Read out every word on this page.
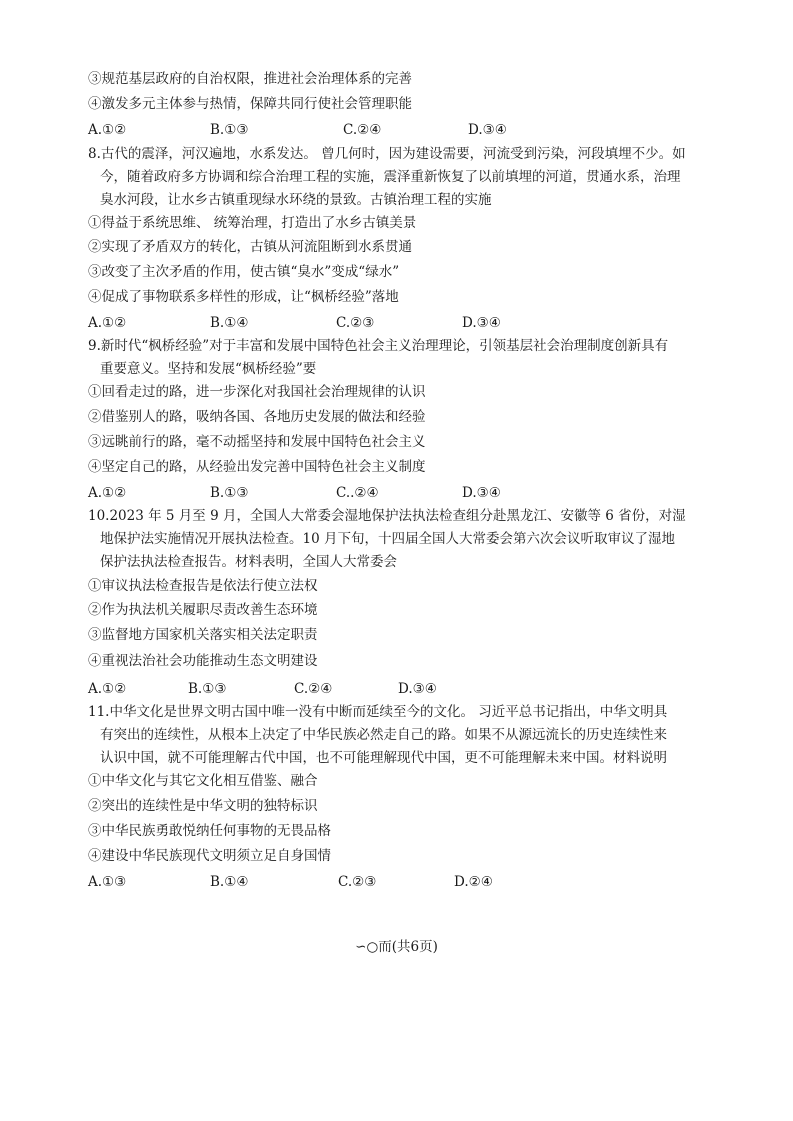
③规范基层政府的自治权限，推进社会治理体系的完善
④激发多元主体参与热情，保障共同行使社会管理职能
A.①②	B.①③	C.②④	D.③④
8.古代的震泽，河汉遍地，水系发达。 曾几何时，因为建设需要，河流受到污染，河段填埋不少。如
今，随着政府多方协调和综合治理工程的实施，震泽重新恢复了以前填埋的河道，贯通水系，治理
臭水河段，让水乡古镇重现绿水环绕的景致。古镇治理工程的实施
①得益于系统思维、 统筹治理，打造出了水乡古镇美景
②实现了矛盾双方的转化，古镇从河流阻断到水系贯通
③改变了主次矛盾的作用，使古镇“臭水”变成“绿水”
④促成了事物联系多样性的形成，让“枫桥经验”落地
A.①②	B.①④	C.②③	D.③④
9.新时代“枫桥经验”对于丰富和发展中国特色社会主义治理理论，引领基层社会治理制度创新具有
重要意义。坚持和发展“枫桥经验”要
①回看走过的路，进一步深化对我国社会治理规律的认识
②借鉴别人的路，吸纳各国、各地历史发展的做法和经验
③远眺前行的路，毫不动摇坚持和发展中国特色社会主义
④坚定自己的路，从经验出发完善中国特色社会主义制度
A.①②	B.①③	C..②④	D.③④
10.2023 年 5 月至 9 月，全国人大常委会湿地保护法执法检查组分赴黑龙江、安徽等 6 省份，对湿
地保护法实施情况开展执法检查。10 月下旬，十四届全国人大常委会第六次会议听取审议了湿地
保护法执法检查报告。材料表明，全国人大常委会
①审议执法检查报告是依法行使立法权
②作为执法机关履职尽责改善生态环境
③监督地方国家机关落实相关法定职责
④重视法治社会功能推动生态文明建设
A.①②	B.①③	C.②④	D.③④
11.中华文化是世界文明古国中唯一没有中断而延续至今的文化。 习近平总书记指出，中华文明具
有突出的连续性，从根本上决定了中华民族必然走自己的路。如果不从源远流长的历史连续性来
认识中国，就不可能理解古代中国，也不可能理解现代中国，更不可能理解未来中国。材料说明
①中华文化与其它文化相互借鉴、融合
②突出的连续性是中华文明的独特标识
③中华民族勇敢悦纳任何事物的无畏品格
④建设中华民族现代文明须立足自身国情
A.①③	B.①④	C.②③	D.②④
∽○而(共6页)
